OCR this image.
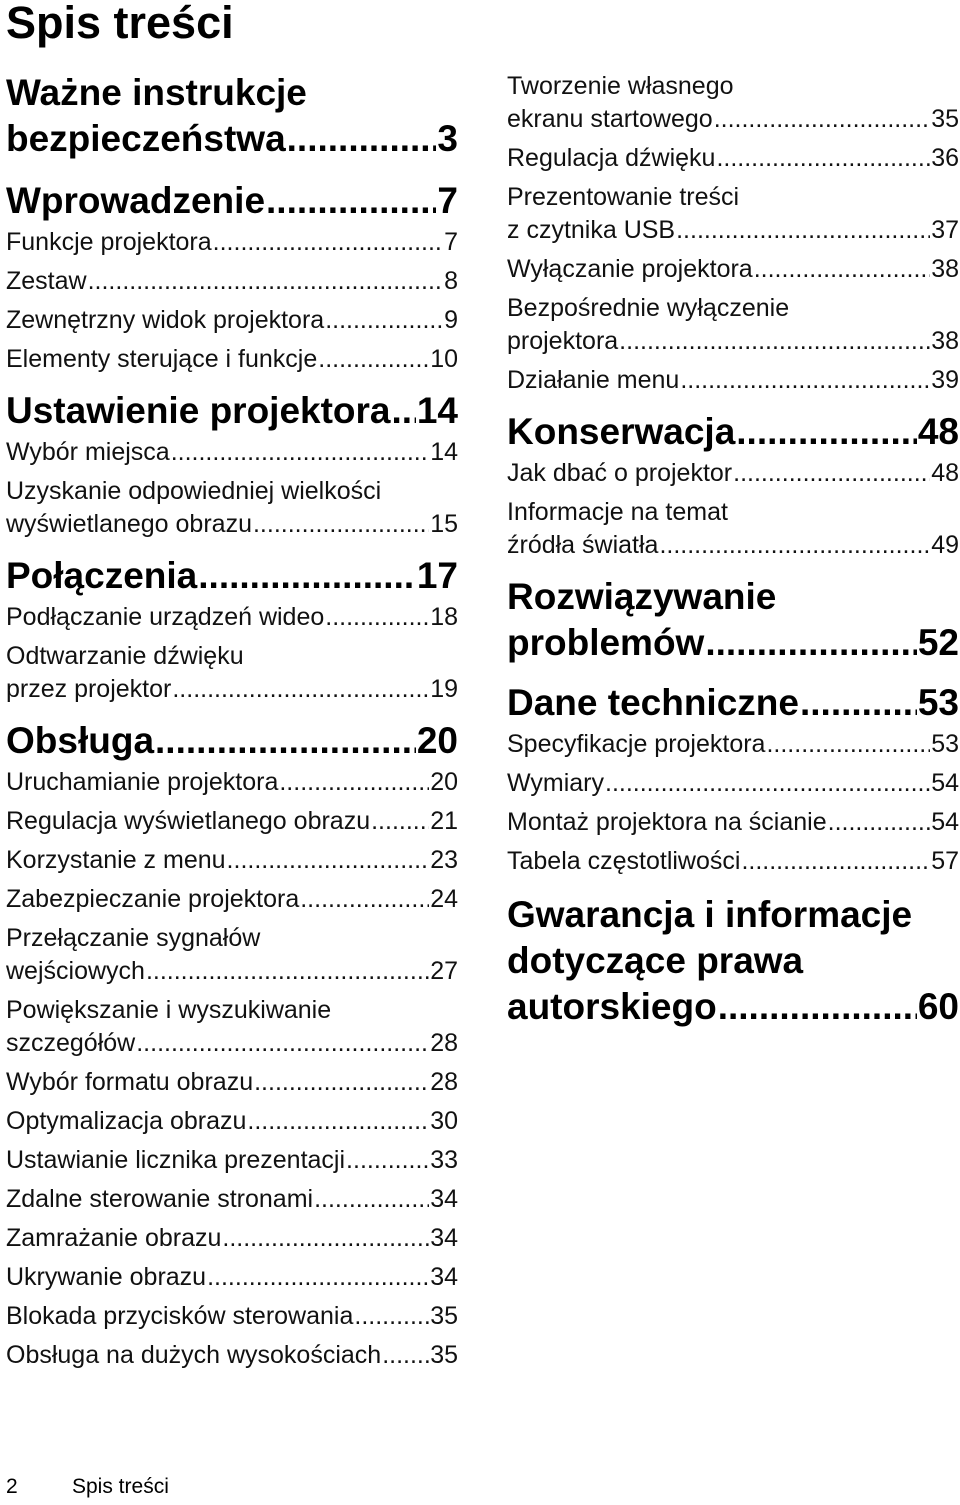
Spis treści
Ważne instrukcje
bezpieczeństwa .....	3
Wprowadzenie .....	7
Funkcje projektora .....	7
Zestaw .....	8
Zewnętrzny widok projektora .....	9
Elementy sterujące i funkcje .....	10
Ustawienie projektora ..... 14
Wybór miejsca .....	14
Uzyskanie odpowiedniej wielkości
wyświetlanego obrazu .....	15
Połączenia .....	17
Podłączanie urządzeń wideo .....	18
Odtwarzanie dźwięku
przez projektor .....	19
Obsługa .....	20
Uruchamianie projektora .....	20
Regulacja wyświetlanego obrazu ..... 21
Korzystanie z menu .....	23
Zabezpieczanie projektora .....	24
Przełączanie sygnałów
wejściowych .....	27
Powiększanie i wyszukiwanie
szczegółów .....	28
Wybór formatu obrazu .....	28
Optymalizacja obrazu .....	30
Ustawianie licznika prezentacji .....	33
Zdalne sterowanie stronami .....	34
Zamrażanie obrazu .....	34
Ukrywanie obrazu .....	34
Blokada przycisków sterowania .....	35
Obsługa na dużych wysokościach ..... 35
Tworzenie własnego
ekranu startowego .....	35
Regulacja dźwięku .....	36
Prezentowanie treści
z czytnika USB .....	37
Wyłączanie projektora .....	38
Bezpośrednie wyłączenie
projektora .....	38
Działanie menu .....	39
Konserwacja .....	48
Jak dbać o projektor .....	48
Informacje na temat
źródła światła .....	49
Rozwiązywanie
problemów .....	52
Dane techniczne .....	53
Specyfikacje projektora .....	53
Wymiary .....	54
Montaż projektora na ścianie .....	54
Tabela częstotliwości .....	57
Gwarancja i informacje
dotyczące prawa
autorskiego .....	60
2	Spis treści
